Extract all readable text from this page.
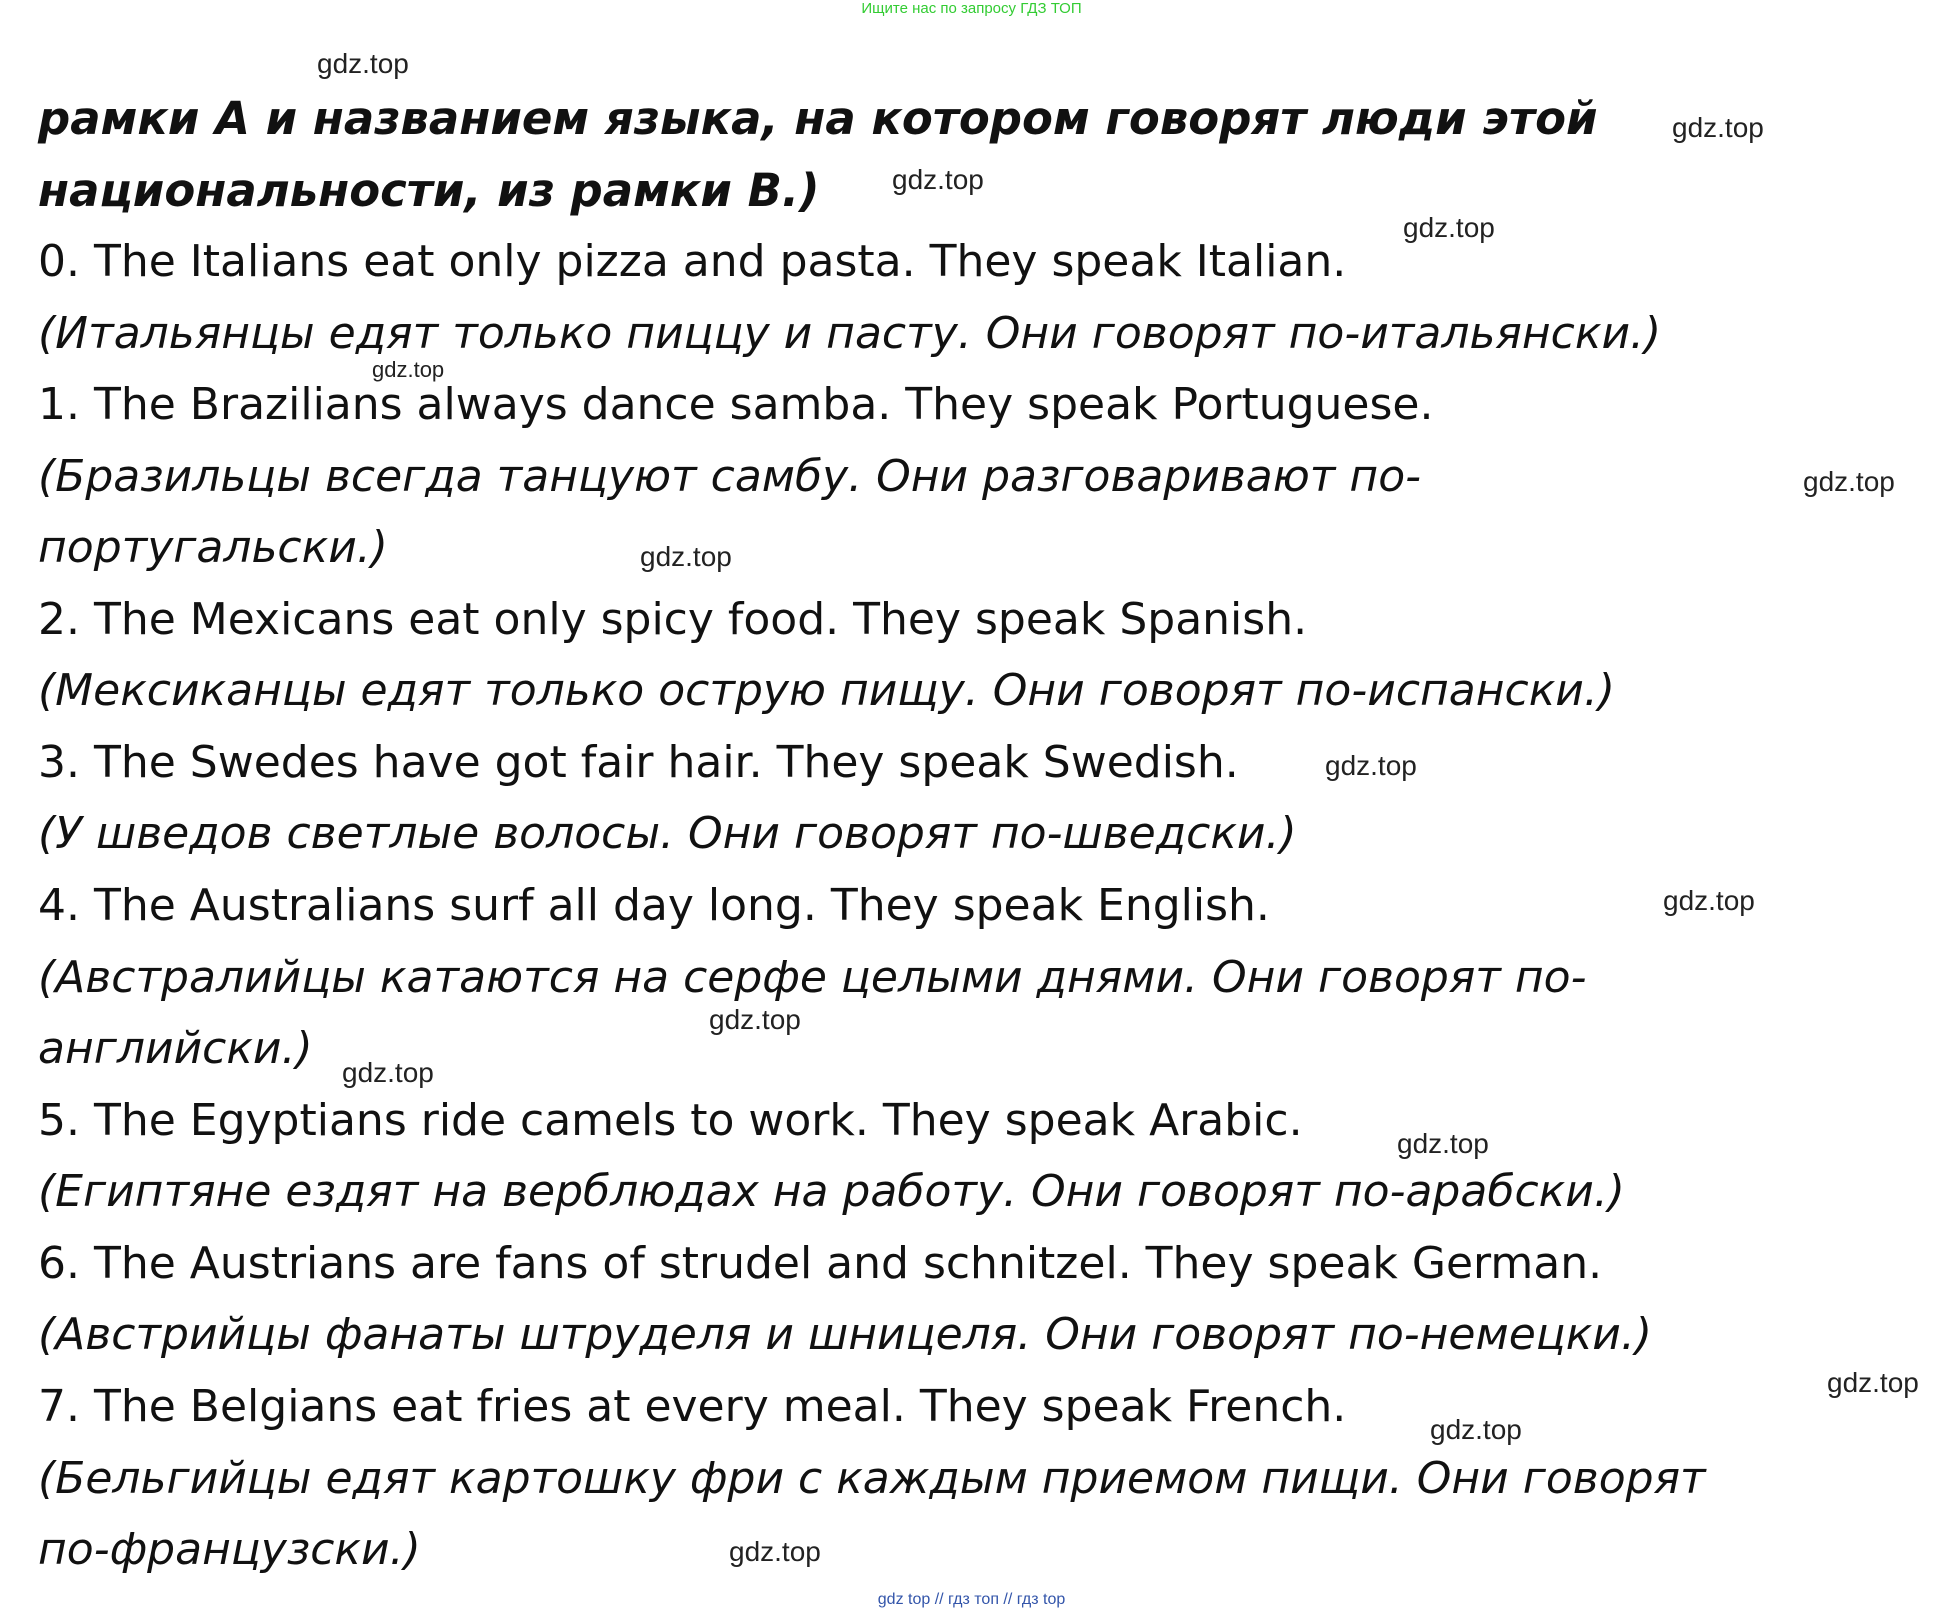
Ищите нас по запросу ГДЗ ТОП
рамки А и названием языка, на котором говорят люди этой
национальности, из рамки B.)
0. The Italians eat only pizza and pasta. They speak Italian.
(Итальянцы едят только пиццу и пасту. Они говорят по-итальянски.)
1. The Brazilians always dance samba. They speak Portuguese.
(Бразильцы всегда танцуют самбу. Они разговаривают по-
португальски.)
2. The Mexicans eat only spicy food. They speak Spanish.
(Мексиканцы едят только острую пищу. Они говорят по-испански.)
3. The Swedes have got fair hair. They speak Swedish.
(У шведов светлые волосы. Они говорят по-шведски.)
4. The Australians surf all day long. They speak English.
(Австралийцы катаются на серфе целыми днями. Они говорят по-
английски.)
5. The Egyptians ride camels to work. They speak Arabic.
(Египтяне ездят на верблюдах на работу. Они говорят по-арабски.)
6. The Austrians are fans of strudel and schnitzel. They speak German.
(Австрийцы фанаты штруделя и шницеля. Они говорят по-немецки.)
7. The Belgians eat fries at every meal. They speak French.
(Бельгийцы едят картошку фри с каждым приемом пищи. Они говорят
по-французски.)
gdz.top
gdz.top
gdz.top
gdz.top
gdz.top
gdz.top
gdz.top
gdz.top
gdz.top
gdz.top
gdz.top
gdz.top
gdz.top
gdz.top
gdz.top
gdz top // гдз топ // гдз top
